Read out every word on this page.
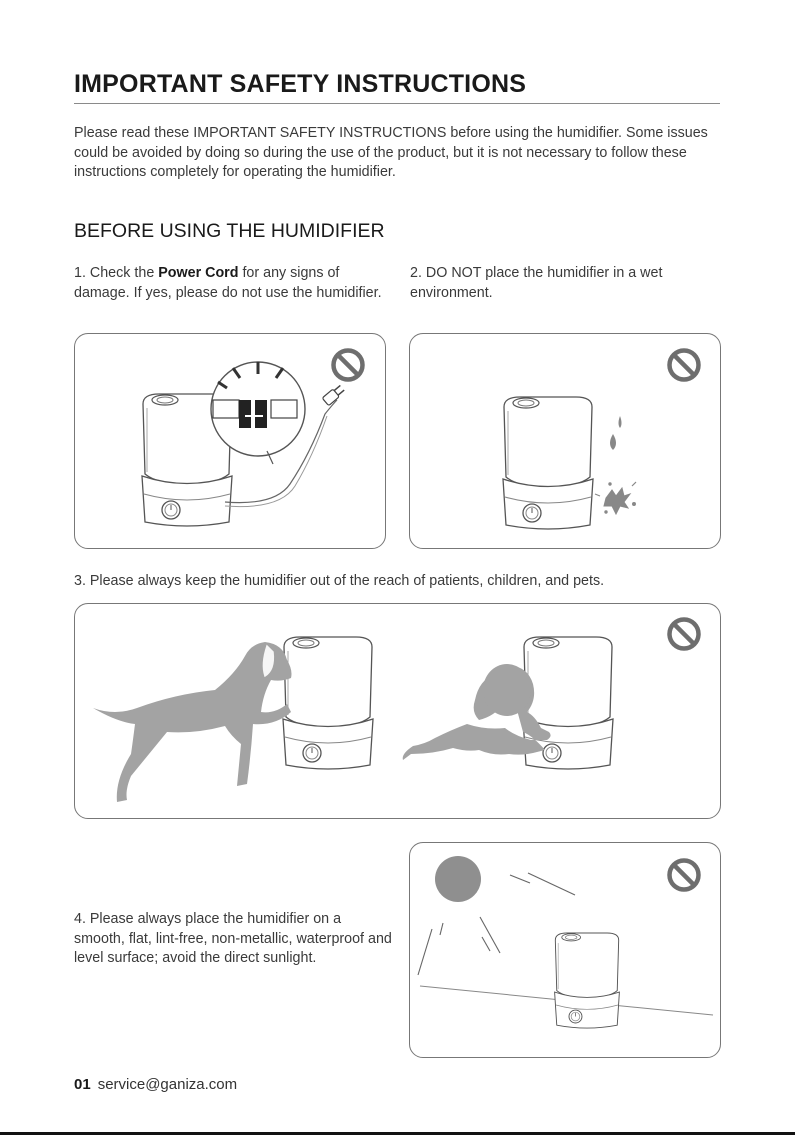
IMPORTANT SAFETY INSTRUCTIONS

Please read these IMPORTANT SAFETY INSTRUCTIONS before using the humidifier. Some issues could be avoided by doing so during the use of the product, but it is not necessary to follow these instructions completely for operating the humidifier.

BEFORE USING THE HUMIDIFIER

1. Check the Power Cord for any signs of damage. If yes, please do not use the humidifier.

2. DO NOT place the humidifier in a wet environment.

3. Please always keep the humidifier out of the reach of patients, children, and pets.

4. Please always place the humidifier on a smooth, flat, lint-free, non-metallic, waterproof and level surface; avoid the direct sunlight.

01 service@ganiza.com
